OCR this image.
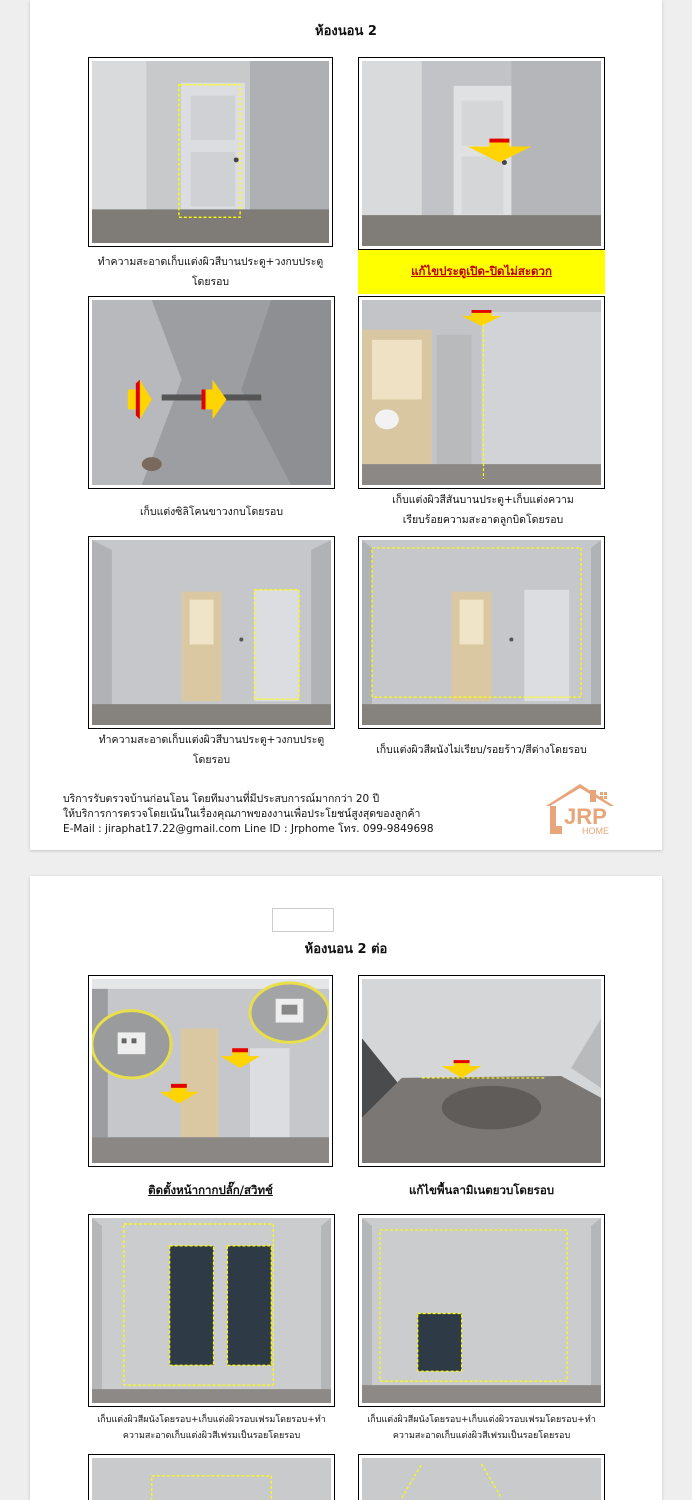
ห้องนอน 2
ทำความสะอาดเก็บแต่งผิวสีบานประตู+วงกบประตู
โดยรอบ
แก้ไขประตูเปิด-ปิดไม่สะดวก
เก็บแต่งซิลิโคนขาวงกบโดยรอบ
เก็บแต่งผิวสีสันบานประตู+เก็บแต่งความ
เรียบร้อยความสะอาดลูกบิดโดยรอบ
ทำความสะอาดเก็บแต่งผิวสีบานประตู+วงกบประตู
โดยรอบ
เก็บแต่งผิวสีผนังไม่เรียบ/รอยร้าว/สีด่างโดยรอบ
บริการรับตรวจบ้านก่อนโอน โดยทีมงานที่มีประสบการณ์มากกว่า 20 ปี
ให้บริการการตรวจโดยเน้นในเรื่องคุณภาพของงานเพื่อประโยชน์สูงสุดของลูกค้า
E-Mail : jiraphat17.22@gmail.com Line ID : Jrphome โทร. 099-9849698	JRP
HOME
ห้องนอน 2 ต่อ
ติดตั้งหน้ากากปลั๊ก/สวิทช์	แก้ไขพื้นลามิเนตยวบโดยรอบ
เก็บแต่งผิวสีผนังโดยรอบ+เก็บแต่งผิวรอบเฟรมโดยรอบ+ทำ
ความสะอาดเก็บแต่งผิวสีเฟรมเป็นรอยโดยรอบ
เก็บแต่งผิวสีผนังโดยรอบ+เก็บแต่งผิวรอบเฟรมโดยรอบ+ทำ
ความสะอาดเก็บแต่งผิวสีเฟรมเป็นรอยโดยรอบ
